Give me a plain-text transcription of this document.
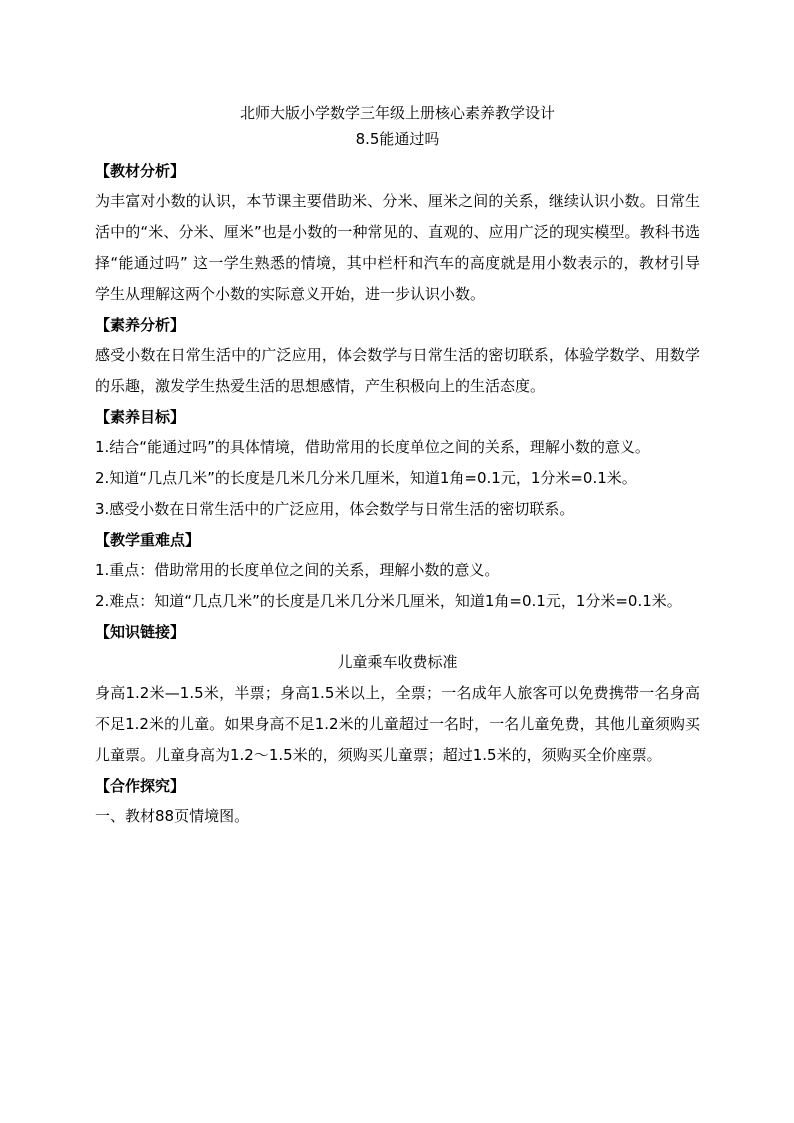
北师大版小学数学三年级上册核心素养教学设计

8.5能通过吗

【教材分析】

为丰富对小数的认识，本节课主要借助米、分米、厘米之间的关系，继续认识小数。日常生活中的“米、分米、厘米”也是小数的一种常见的、直观的、应用广泛的现实模型。教科书选择“能通过吗” 这一学生熟悉的情境，其中栏杆和汽车的高度就是用小数表示的，教材引导学生从理解这两个小数的实际意义开始，进一步认识小数。

【素养分析】

感受小数在日常生活中的广泛应用，体会数学与日常生活的密切联系，体验学数学、用数学的乐趣，激发学生热爱生活的思想感情，产生积极向上的生活态度。

【素养目标】

1.结合“能通过吗”的具体情境，借助常用的长度单位之间的关系，理解小数的意义。

2.知道“几点几米”的长度是几米几分米几厘米，知道1角=0.1元，1分米=0.1米。

3.感受小数在日常生活中的广泛应用，体会数学与日常生活的密切联系。

【教学重难点】

1.重点：借助常用的长度单位之间的关系，理解小数的意义。

2.难点：知道“几点几米”的长度是几米几分米几厘米，知道1角=0.1元，1分米=0.1米。

【知识链接】

儿童乘车收费标准

身高1.2米—1.5米，半票；身高1.5米以上，全票；一名成年人旅客可以免费携带一名身高不足1.2米的儿童。如果身高不足1.2米的儿童超过一名时，一名儿童免费，其他儿童须购买儿童票。儿童身高为1.2～1.5米的，须购买儿童票；超过1.5米的，须购买全价座票。

【合作探究】

一、教材88页情境图。
